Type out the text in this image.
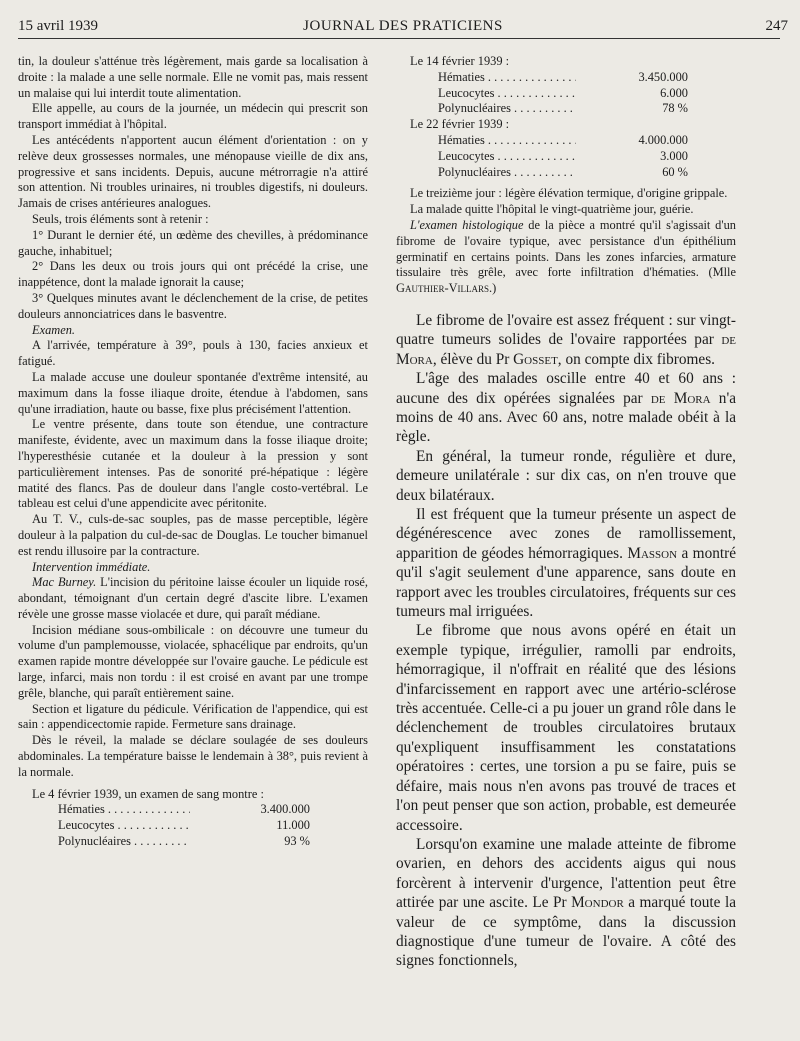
15 avril 1939	JOURNAL DES PRATICIENS	247

tin, la douleur s'atténue très légèrement, mais garde sa localisation à droite : la malade a une selle normale. Elle ne vomit pas, mais ressent un malaise qui lui interdit toute alimentation.

Elle appelle, au cours de la journée, un médecin qui prescrit son transport immédiat à l'hôpital.

Les antécédents n'apportent aucun élément d'orientation : on y relève deux grossesses normales, une ménopause vieille de dix ans, progressive et sans incidents. Depuis, aucune métrorragie n'a attiré son attention. Ni troubles urinaires, ni troubles digestifs, ni douleurs. Jamais de crises antérieures analogues.

Seuls, trois éléments sont à retenir :

1° Durant le dernier été, un œdème des chevilles, à prédominance gauche, inhabituel;

2° Dans les deux ou trois jours qui ont précédé la crise, une inappétence, dont la malade ignorait la cause;

3° Quelques minutes avant le déclenchement de la crise, de petites douleurs annonciatrices dans le basventre.

Examen.

A l'arrivée, température à 39°, pouls à 130, facies anxieux et fatigué.

La malade accuse une douleur spontanée d'extrême intensité, au maximum dans la fosse iliaque droite, étendue à l'abdomen, sans qu'une irradiation, haute ou basse, fixe plus précisément l'attention.

Le ventre présente, dans toute son étendue, une contracture manifeste, évidente, avec un maximum dans la fosse iliaque droite; l'hyperesthésie cutanée et la douleur à la pression y sont particulièrement intenses. Pas de sonorité pré-hépatique : légère matité des flancs. Pas de douleur dans l'angle costo-vertébral. Le tableau est celui d'une appendicite avec péritonite.

Au T. V., culs-de-sac souples, pas de masse perceptible, légère douleur à la palpation du cul-de-sac de Douglas. Le toucher bimanuel est rendu illusoire par la contracture.

Intervention immédiate.

Mac Burney. L'incision du péritoine laisse écouler un liquide rosé, abondant, témoignant d'un certain degré d'ascite libre. L'examen révèle une grosse masse violacée et dure, qui paraît médiane.

Incision médiane sous-ombilicale : on découvre une tumeur du volume d'un pamplemousse, violacée, sphacélique par endroits, qu'un examen rapide montre développée sur l'ovaire gauche. Le pédicule est large, infarci, mais non tordu : il est croisé en avant par une trompe grêle, blanche, qui paraît entièrement saine.

Section et ligature du pédicule. Vérification de l'appendice, qui est sain : appendicectomie rapide. Fermeture sans drainage.

Dès le réveil, la malade se déclare soulagée de ses douleurs abdominales. La température baisse le lendemain à 38°, puis revient à la normale.

Le 4 février 1939, un examen de sang montre :

Hématies . . .	3.400.000
Leucocytes . . .	11.000
Polynucléaires . . .	93 %

Le 14 février 1939 :

Hématies . . .	3.450.000
Leucocytes . . .	6.000
Polynucléaires . . .	78 %

Le 22 février 1939 :

Hématies . . .	4.000.000
Leucocytes . . .	3.000
Polynucléaires . . .	60 %

Le treizième jour : légère élévation termique, d'origine grippale.

La malade quitte l'hôpital le vingt-quatrième jour, guérie.

L'examen histologique de la pièce a montré qu'il s'agissait d'un fibrome de l'ovaire typique, avec persistance d'un épithélium germinatif en certains points. Dans les zones infarcies, armature tissulaire très grêle, avec forte infiltration d'hématies. (Mlle Gauthier-Villars.)

Le fibrome de l'ovaire est assez fréquent : sur vingt-quatre tumeurs solides de l'ovaire rapportées par de Mora, élève du Pr Gosset, on compte dix fibromes.

L'âge des malades oscille entre 40 et 60 ans : aucune des dix opérées signalées par de Mora n'a moins de 40 ans. Avec 60 ans, notre malade obéit à la règle.

En général, la tumeur ronde, régulière et dure, demeure unilatérale : sur dix cas, on n'en trouve que deux bilatéraux.

Il est fréquent que la tumeur présente un aspect de dégénérescence avec zones de ramollissement, apparition de géodes hémorragiques. Masson a montré qu'il s'agit seulement d'une apparence, sans doute en rapport avec les troubles circulatoires, fréquents sur ces tumeurs mal irriguées.

Le fibrome que nous avons opéré en était un exemple typique, irrégulier, ramolli par endroits, hémorragique, il n'offrait en réalité que des lésions d'infarcissement en rapport avec une artério-sclérose très accentuée. Celle-ci a pu jouer un grand rôle dans le déclenchement de troubles circulatoires brutaux qu'expliquent insuffisamment les constatations opératoires : certes, une torsion a pu se faire, puis se défaire, mais nous n'en avons pas trouvé de traces et l'on peut penser que son action, probable, est demeurée accessoire.

Lorsqu'on examine une malade atteinte de fibrome ovarien, en dehors des accidents aigus qui nous forcèrent à intervenir d'urgence, l'attention peut être attirée par une ascite. Le Pr Mondor a marqué toute la valeur de ce symptôme, dans la discussion diagnostique d'une tumeur de l'ovaire. A côté des signes fonctionnels,
